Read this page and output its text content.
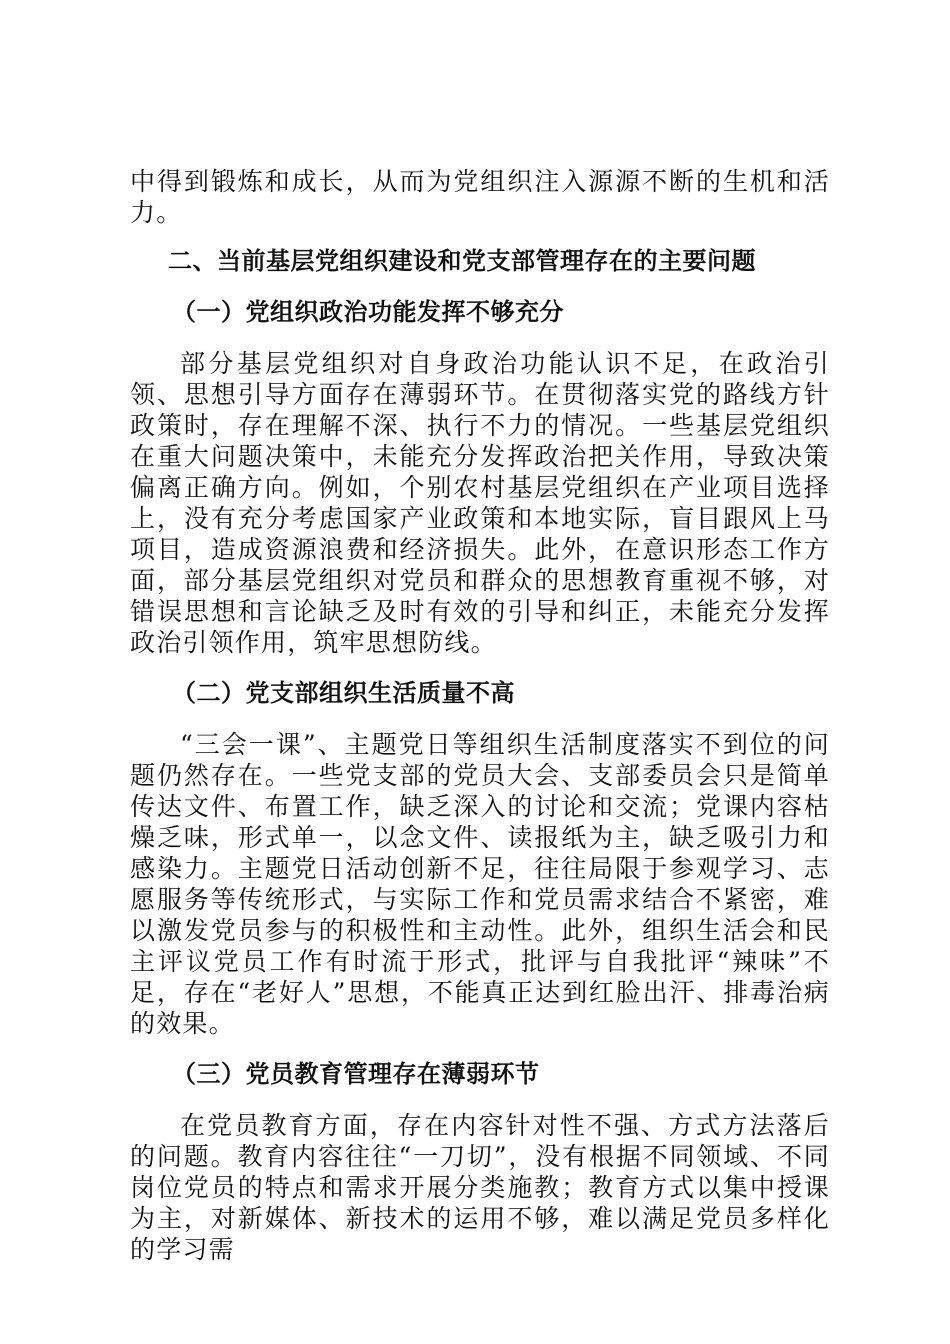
中得到锻炼和成长，从而为党组织注入源源不断的生机和活力。

二、当前基层党组织建设和党支部管理存在的主要问题
（一）党组织政治功能发挥不够充分

部分基层党组织对自身政治功能认识不足，在政治引领、思想引导方面存在薄弱环节。在贯彻落实党的路线方针政策时，存在理解不深、执行不力的情况。一些基层党组织在重大问题决策中，未能充分发挥政治把关作用，导致决策偏离正确方向。例如，个别农村基层党组织在产业项目选择上，没有充分考虑国家产业政策和本地实际，盲目跟风上马项目，造成资源浪费和经济损失。此外，在意识形态工作方面，部分基层党组织对党员和群众的思想教育重视不够，对错误思想和言论缺乏及时有效的引导和纠正，未能充分发挥政治引领作用，筑牢思想防线。

（二）党支部组织生活质量不高

“三会一课”、主题党日等组织生活制度落实不到位的问题仍然存在。一些党支部的党员大会、支部委员会只是简单传达文件、布置工作，缺乏深入的讨论和交流；党课内容枯燥乏味，形式单一，以念文件、读报纸为主，缺乏吸引力和感染力。主题党日活动创新不足，往往局限于参观学习、志愿服务等传统形式，与实际工作和党员需求结合不紧密，难以激发党员参与的积极性和主动性。此外，组织生活会和民主评议党员工作有时流于形式，批评与自我批评“辣味”不足，存在“老好人”思想，不能真正达到红脸出汗、排毒治病的效果。

（三）党员教育管理存在薄弱环节

在党员教育方面，存在内容针对性不强、方式方法落后的问题。教育内容往往“一刀切”，没有根据不同领域、不同岗位党员的特点和需求开展分类施教；教育方式以集中授课为主，对新媒体、新技术的运用不够，难以满足党员多样化的学习需
